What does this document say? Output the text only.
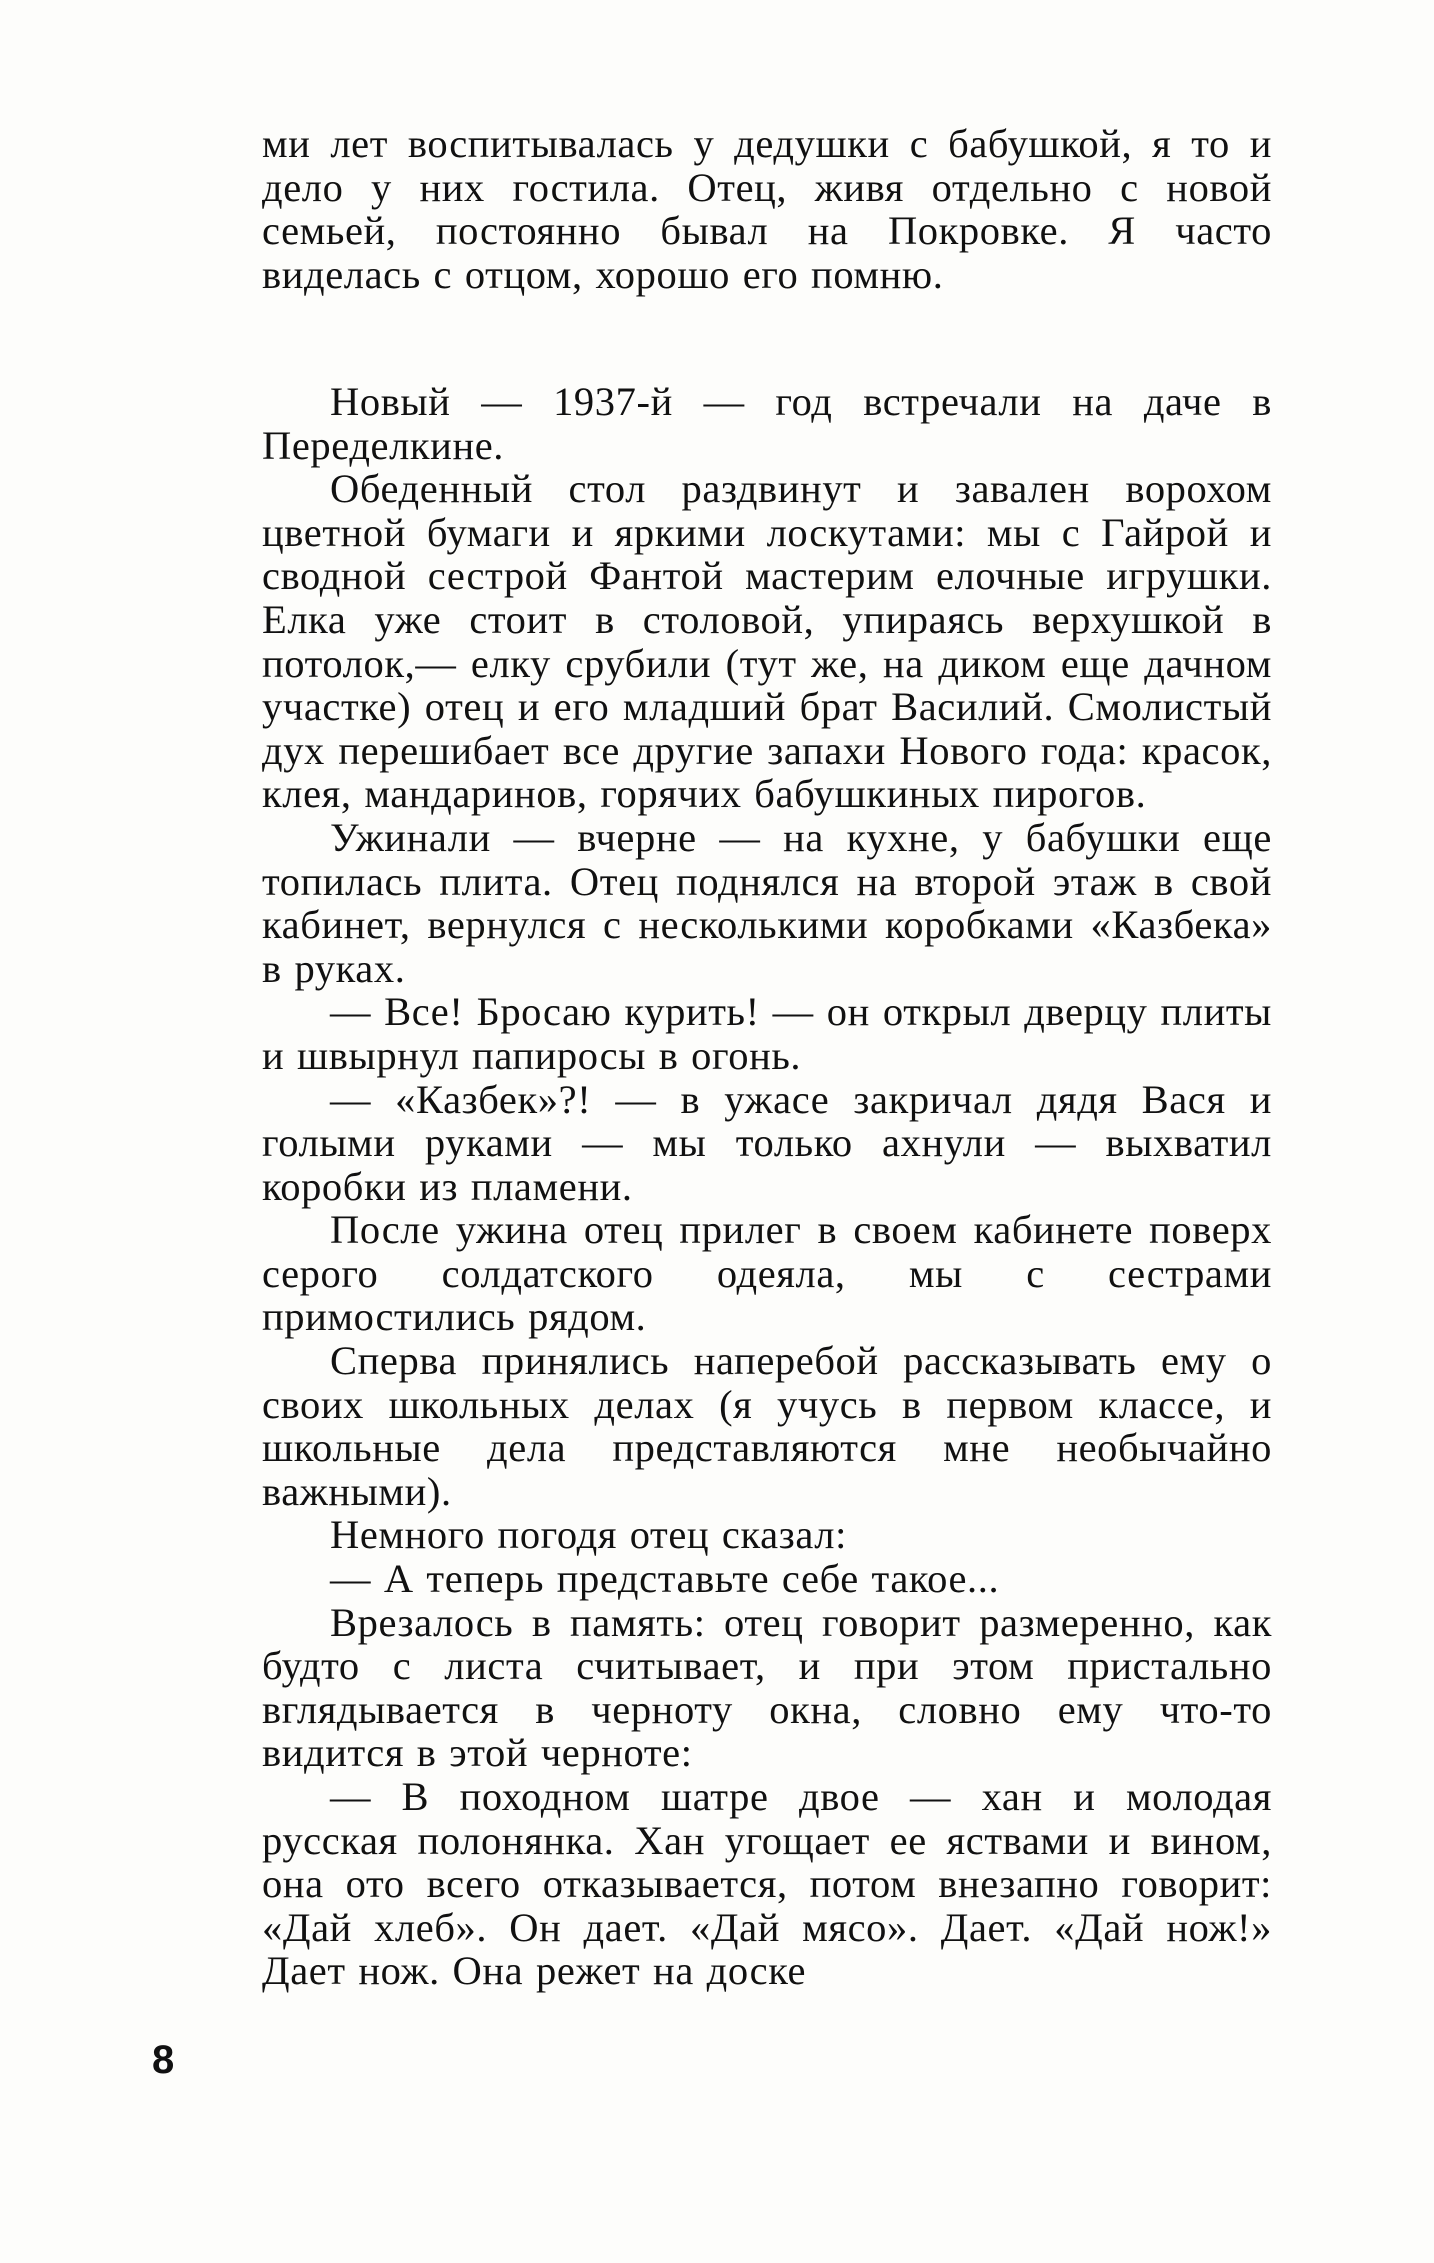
ми лет воспитывалась у дедушки с бабушкой, я то и дело у них гостила. Отец, живя отдельно с новой семьей, постоянно бывал на Покровке. Я часто виделась с отцом, хорошо его помню.

Новый — 1937-й — год встречали на даче в Переделкине.

Обеденный стол раздвинут и завален ворохом цветной бумаги и яркими лоскутами: мы с Гайрой и сводной сестрой Фантой мастерим елочные игрушки. Елка уже стоит в столовой, упираясь верхушкой в потолок,— елку срубили (тут же, на диком еще дачном участке) отец и его младший брат Василий. Смолистый дух перешибает все другие запахи Нового года: красок, клея, мандаринов, горячих бабушкиных пирогов.

Ужинали — вчерне — на кухне, у бабушки еще топилась плита. Отец поднялся на второй этаж в свой кабинет, вернулся с несколькими коробками «Казбека» в руках.

— Все! Бросаю курить! — он открыл дверцу плиты и швырнул папиросы в огонь.

— «Казбек»?! — в ужасе закричал дядя Вася и голыми руками — мы только ахнули — выхватил коробки из пламени.

После ужина отец прилег в своем кабинете поверх серого солдатского одеяла, мы с сестрами примостились рядом.

Сперва принялись наперебой рассказывать ему о своих школьных делах (я учусь в первом классе, и школьные дела представляются мне необычайно важными).

Немного погодя отец сказал:

— А теперь представьте себе такое...

Врезалось в память: отец говорит размеренно, как будто с листа считывает, и при этом пристально вглядывается в черноту окна, словно ему что-то видится в этой черноте:

— В походном шатре двое — хан и молодая русская полонянка. Хан угощает ее яствами и вином, она ото всего отказывается, потом внезапно говорит: «Дай хлеб». Он дает. «Дай мясо». Дает. «Дай нож!» Дает нож. Она режет на доске

8
